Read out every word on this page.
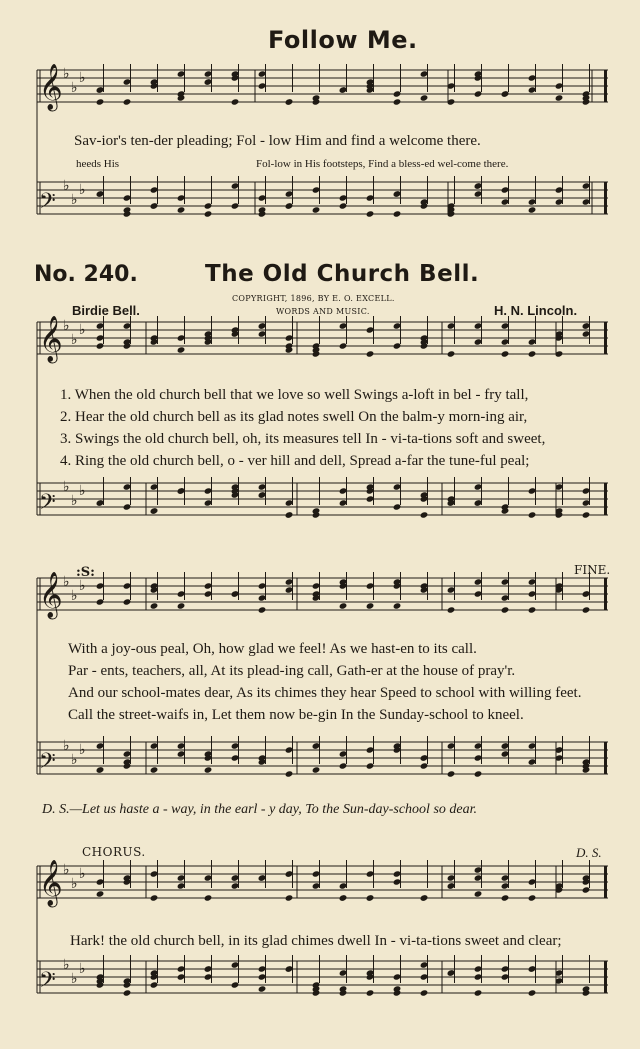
𝄞 ♭
♭
♭
𝄢
♭
♭
♭
𝄞 ♭
♭
♭
𝄢
♭
♭
♭
𝄞 ♭
♭
♭
𝄢
♭
♭
♭
𝄞 ♭
♭
♭
𝄢
♭
♭
♭
Follow Me.
Sav-ior's ten-der pleading; Fol - low Him and find a welcome there.
heeds His	Fol-low in His footsteps, Find a bless-ed wel-come there.
No. 240.	The Old Church Bell.
COPYRIGHT, 1896, BY E. O. EXCELL.
WORDS AND MUSIC.
Birdie Bell.	H. N. Lincoln.
1. When the old church bell that we love so well Swings a-loft in bel - fry tall,
2. Hear the old church bell as its glad notes swell On the balm-y morn-ing air,
3. Swings the old church bell, oh, its measures tell In - vi-ta-tions soft and sweet,
4. Ring the old church bell, o - ver hill and dell, Spread a-far the tune-ful peal;
:S:	FINE.
With a joy-ous peal, Oh, how glad we feel! As we hast-en to its call.
Par - ents, teachers, all, At its plead-ing call, Gath-er at the house of pray'r.
And our school-mates dear, As its chimes they hear Speed to school with willing feet.
Call the street-waifs in, Let them now be-gin In the Sunday-school to kneel.
D. S.—Let us haste a - way, in the earl - y day, To the Sun-day-school so dear.
CHORUS.	D. S.
Hark! the old church bell, in its glad chimes dwell In - vi-ta-tions sweet and clear;
